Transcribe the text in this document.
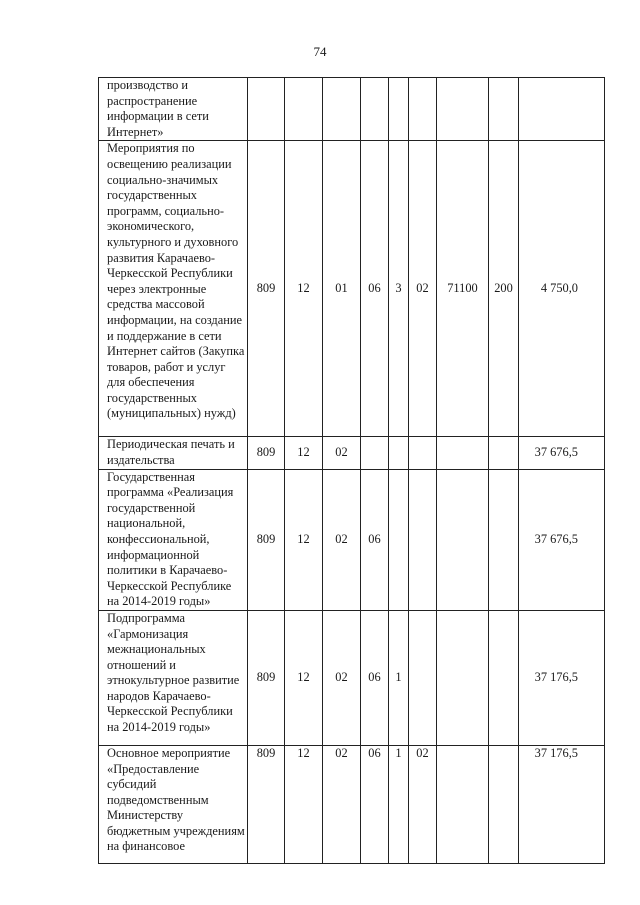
74
производство и распространение информации в сети Интернет»									
Мероприятия по освещению реализации социально-значимых государственных программ, социально-экономического, культурного и духовного развития Карачаево-Черкесской Республики через электронные средства массовой информации, на создание и поддержание в сети Интернет сайтов (Закупка товаров, работ и услуг для обеспечения государственных (муниципальных) нужд)	809	12	01	06	3	02	71100	200	4 750,0
Периодическая печать и издательства	809	12	02						37 676,5
Государственная программа «Реализация государственной национальной, конфессиональной, информационной политики в Карачаево-Черкесской Республике на 2014-2019 годы»	809	12	02	06					37 676,5
Подпрограмма «Гармонизация межнациональных отношений и этнокультурное развитие народов Карачаево-Черкесской Республики на 2014-2019 годы»	809	12	02	06	1				37 176,5
Основное мероприятие «Предоставление субсидий подведомственным Министерству бюджетным учреждениям на финансовое	809	12	02	06	1	02			37 176,5
